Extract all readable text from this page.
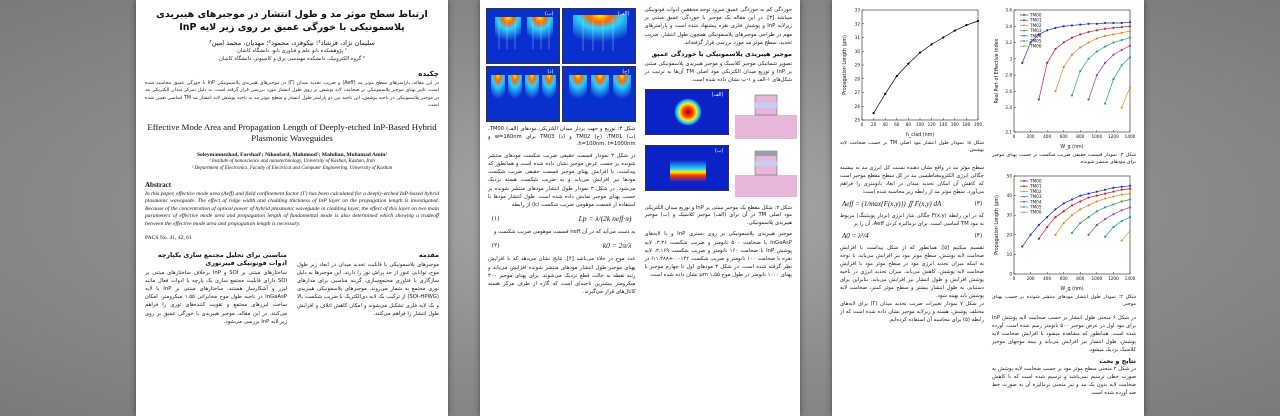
ارتباط سطح موثر مد و طول انتشار در موجبرهای هیبریدی پلاسمونیکی با خورگی عمیق بر روی زیر لایه InP
سلیمان نژاد، فرشاد¹؛ نیکوفرد، محمود²؛ مهدیان، محمد امین²
¹ پژوهشکده نانو علم و فناوری نانو، دانشگاه کاشان
² گروه الکترونیک، دانشکده مهندسی برق و کامپیوتر، دانشگاه کاشان
چکیده
در این مقاله، پارامترهای سطح موثر مد (Aeff) و ضریب تحدید میدان (Γ) در موجبرهای هیبریدی پلاسمونیکی InP با خورگی عمیق محاسبه شده است. تاثیر پهنای موجبر پلاسمونیکی بر ضخامت لایه پوشش بر روی طول انتشار مورد بررسی قرار گرفته است. به دلیل تمرکز میدان الکتریکی مد در موجبر پلاسمونیکی در ناحیه پوشش، این ناحیه بین دو پارامتر طول انتشار و سطح موثر مد به ناحیه پوشش لایه انتشار مد TM اساسی تعیین شده است.
Effective Mode Area and Propagation Length of Deeply-etched InP-Based Hybrid Plasmonic Waveguides
Soleymannezhad, Farshad¹; Nikoofard, Mahmood²; Mahdian, Mohamad Amin²
¹ Institute of nanoscience and nanotechnology, University of Kashan, Kashan, Iran
² Department of Electronics, Faculty of Electrical and Computer Engineering, University of Kashan
Abstract
In this paper, effective mode area (Aeff) and field confinement factor (Γ) has been calculated for a deeply-etched InP-based hybrid plasmonic waveguide. The effect of ridge width and cladding thickness of InP layer on the propagation length is investigated. Because of the concentration of optical power of hybrid plasmonic waveguide in cladding layer, the effect of this layer on two main parameters of effective mode area and propagation length of fundamental mode is also determined which showing a tradeoff between the effective mode area and propagation length is necessary.
PACS No. 41, 42, 61
مقدمه
موجبرهای پلاسمونیکی با قابلیت تحدید میدان در ابعاد زیر طول موج، توانایی عبور از حد پراش نور را دارند. این موجبرها به دلیل سازگاری با فناوری مجتمع‌سازی، گزینه مناسبی برای مدارهای نوری مجتمع به شمار می‌روند. موجبرهای پلاسمونیکی هیبریدی (SOI-HPWG) از ترکیب یک لایه دی‌الکتریک با ضریب شکست بالا و یک لایه فلزی تشکیل می‌شوند و امکان کاهش اتلاف و افزایش طول انتشار را فراهم می‌کنند.
مناسبی برای تحلیل مجتمع سازی یکپارچه ادوات فوتونیکی فیبرنوری
ساختارهای مبتنی بر SOI و InP برخلاف ساختارهای مبتنی بر SOI دارای قابلیت مجتمع سازی یک پارچه با ادوات فعال مانند لیزر و آشکارساز هستند. ساختارهای مبتنی بر InP با لایه InGaAsP در ناحیه طول موج مخابراتی ۱.۵۵ میکرومتر، امکان ساخت لیزرهای مجتمع و تقویت کننده‌های نوری را فراهم می‌کنند. در این مقاله، موجبر هیبریدی با خورگی عمیق بر روی زیر لایه InP بررسی می‌شود.
خوردگی کم به خوردگی عمیق سرود توجه محققین ادوات فوتونیکی میباشد [۳]. در این مقاله یک موجبر با خوردگی عمیق مبتنی بر زیرلایه InP و پوشش فلزی نقره پیشنهاد شده است و پارامترهای مهم در طراحی موجبرهای پلاسمونیکی همچون طول انتشار، ضریب تحدید، سطح موثر مد مورد بررسی قرار گرفته‌اند.
موجبر هیبریدی پلاسمونیکی با خوردگی عمیق
تصویر شماتیکی موجبر کلاسیک و موجبر هیبریدی پلاسمونیکی مبتنی بر InP و توزیع میدان الکتریکی مود اصلی TM آن‌ها به ترتیب در شکل‌های ۱-الف و ۱-ب نشان داده شده است.
(الف)
(ب)
شکل ۲: شکل مقطع یک موجبر مبتنی بر InP و توزیع میدان الکتریکی مود اصلی TM در آن برای (الف) موجبر کلاسیک و (ب) موجبر هیبریدی پلاسمونیکی.
موجبر هیبریدی پلاسمونیکی بر روی بستری InP و با لایه‌های InGaAsP با ضخامت ۵۰۰ نانومتر و ضریب شکست ۳.۳۶، لایه پوشش InP با ضخامت ۱۶۰ نانومتر و ضریب شکست ۳.۱۶۹، لایه نقره با ضخامت ۱۰۰ نانومتر و ضریب شکست ۰.۰۱۴۲+i۱۱.۳۸۸ در نظر گرفته شده است. در شکل ۳ مودهای اول تا چهارم موجبر با پهنای ۱۰۰۰ نانومتر در طول موج ۱.۵۵ μm نشان داده شده است.
(ب)	(الف)
(د)	(ج)
شکل ۳: توزیع و جهت بردار میدان الکتریکی مودهای (الف) TM00، (ب) TM01، (ج) TM02 و (د) TM03 برای w=160nm و h=100nm، t=1000nm.
در شکل ۳ نمودار قسمت حقیقی ضریب شکست مودهای منتشر شونده بر حسب عرض موجبر نشان داده شده است و همانطور که پیداست، با افزایش پهنای موجبر قسمت حقیقی ضریب شکست مودها نیز افزایش می‌یابد و به ضریب شکست هسته نزدیک می‌شود. در شکل ۳ نمودار طول انتشار مودهای منتشر شونده بر حسب پهنای موجبر نمایش داده شده است. طول انتشار مودها با استفاده از قسمت موهومی ضریب شکست (k) از رابطه
(۱)	Lp = λ/(2k neff·π)
به دست می‌آید که در آن neff قسمت موهومی ضریب شکست و
(۲)	k0 = 2π/λ
عدد موج در خلاء می‌باشد [۴]. نتایج نشان می‌دهد که با افزایش پهنای موجبر طول انتشار مودهای منتشر شونده افزایش می‌یابد و رتبه نقطه به حالت قطع نزدیک می‌شوند. برای پهنای موجبر ۳۰۰ میکرومتر بیشترین ناحیه‌ای است که گازه از طرف مرکز هسته کانال‌های قرار می‌گیرند.
0 20 40 60 80 100 120 140 160 180 200
25
26
27
28
29
30
31
32
33
h_clad (nm)
Propagation Length (μm)
شکل ۵: نمودار طول انتشار مود اصلی TM بر حسب ضخامت لایه پوشش.
سطح موثر مد در واقع نشان دهنده نسبت کل انرژی مد به بیشینه چگالی انرژی الکترومغناطیسی مد در کل سطح مقطع موجبر است که کاهش آن امکان تحدید میدان در ابعاد نانومتری را فراهم می‌آورد. سطح موثر مد از رابطه زیر محاسبه شده است:
Aeff = (1/max{F(x,y)}) ∬ F(x,y) dA	(۳)
که در این رابطه F(x,y) چگالی شار انرژی (بردار پوینتینگ) مربوط به مود TM اساسی است. برای نرمالیزه کردن Aeff، آن را بر
A0 = λ²/4	(۴)
تقسیم میکنیم [۵]. همانطور که از شکل پیداست با افزایش ضخامت لایه پوشش، سطح موثر مود نیز افزایش می‌یابد. با توجه به اینکه میزان تحدید انرژی مود در سطح موثر مود با افزایش ضخامت لایه پوشش، کاهش می‌یابد. میزان تحدید انرژی در ناحیه پوشش افزایش و طول انتشار نیز افزایش می‌یابد. بنابراین برای دستیابی به طول انتشار بیشتر و سطح موثر کمتر، ضخامت لایه پوشش باید بهینه شود.
در شکل ۷ نمودار تغییرات ضریب تحدید میدان (Γ) برای لایه‌های مختلف پوشش، هسته و زیرلایه موجبر نشان داده شده است که از رابطه (۵) برای محاسبه آن استفاده کرده‌ایم.
0	200 400 600 800 1000 1200 1400
2.1
2.4
2.6
2.8
3
3.2
3.4
3.6
W_g (nm)
Real Part of Effective Index
TM00
TM01
TM02
TM03
TM04
TM05
TM06
شکل ۳: نمودار قسمت حقیقی ضریب شکست بر حسب پهنای موجبر برای مودهای منتشر شونده.
0	200 400 600 800 1000 1200 1400
0
10
20
30
40
50
W_g (nm)
Propagation Length (μm)
TM00
TM01
TM02
TM03
TM04
TM05
TM06
شکل ۴: نمودار طول انتشار مودهای منتشر شونده بر حسب پهنای موجبر.
در شکل ۶ منحنی طول انتشار بر حسب ضخامت لایه پوشش InP برای مود اول در عرض موجبر ۵۰۰ نانومتر رسم شده است. آورده شده است. همانطور که مشاهده میشود با افزایش ضخامت لایه پوشش، طول انتشار نیز افزایش می‌یابد و نیمه موجهای موجبر کلاسیک نزدیک میشود.
نتایج و بحث
در شکل ۲ منحنی سطح موثر مود بر حسب ضخامت لایه پوشش به صورت خطی ترسیم نمی‌باشد و ترسیم شده است که با کاهش ضخامت لایه بدون یک مد و نیز منحنی نرمالیزه آن به صورت خط ضد آورده شده است.
